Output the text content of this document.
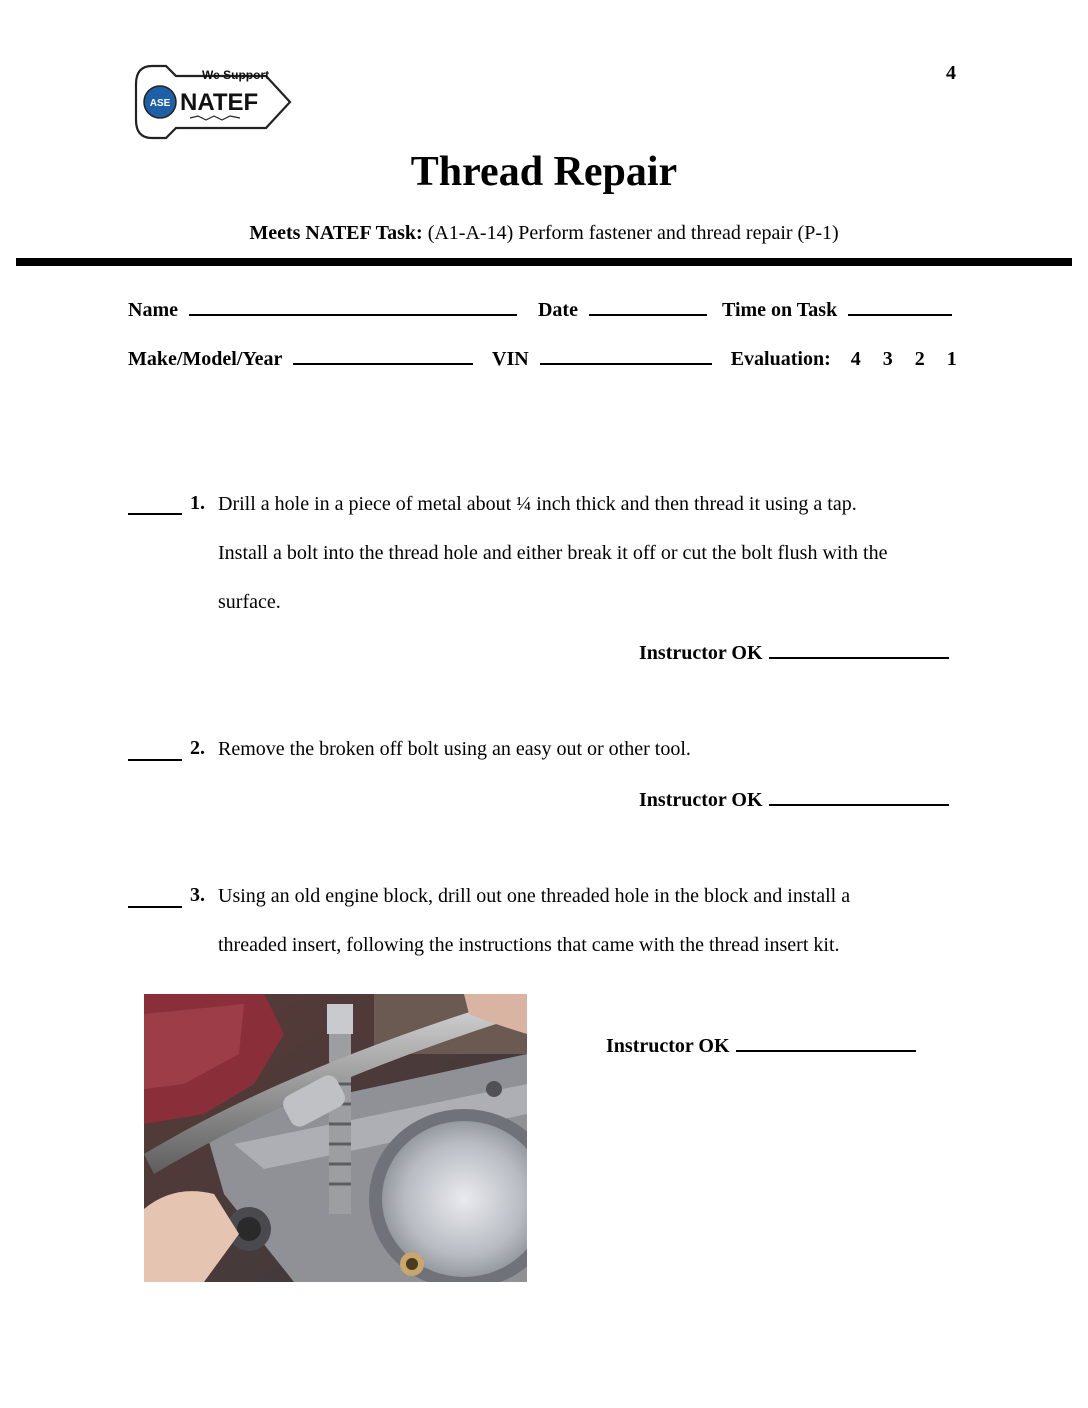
4
ASE
We Support
NATEF
Thread Repair
Meets NATEF Task: (A1-A-14) Perform fastener and thread repair (P-1)
Name	Date	Time on Task
Make/Model/Year	VIN	Evaluation: 4 3 2 1
1. Drill a hole in a piece of metal about ¼ inch thick and then thread it using a tap.
Install a bolt into the thread hole and either break it off or cut the bolt flush with the
surface.
Instructor OK
2. Remove the broken off bolt using an easy out or other tool.
Instructor OK
3. Using an old engine block, drill out one threaded hole in the block and install a
threaded insert, following the instructions that came with the thread insert kit.
Instructor OK
